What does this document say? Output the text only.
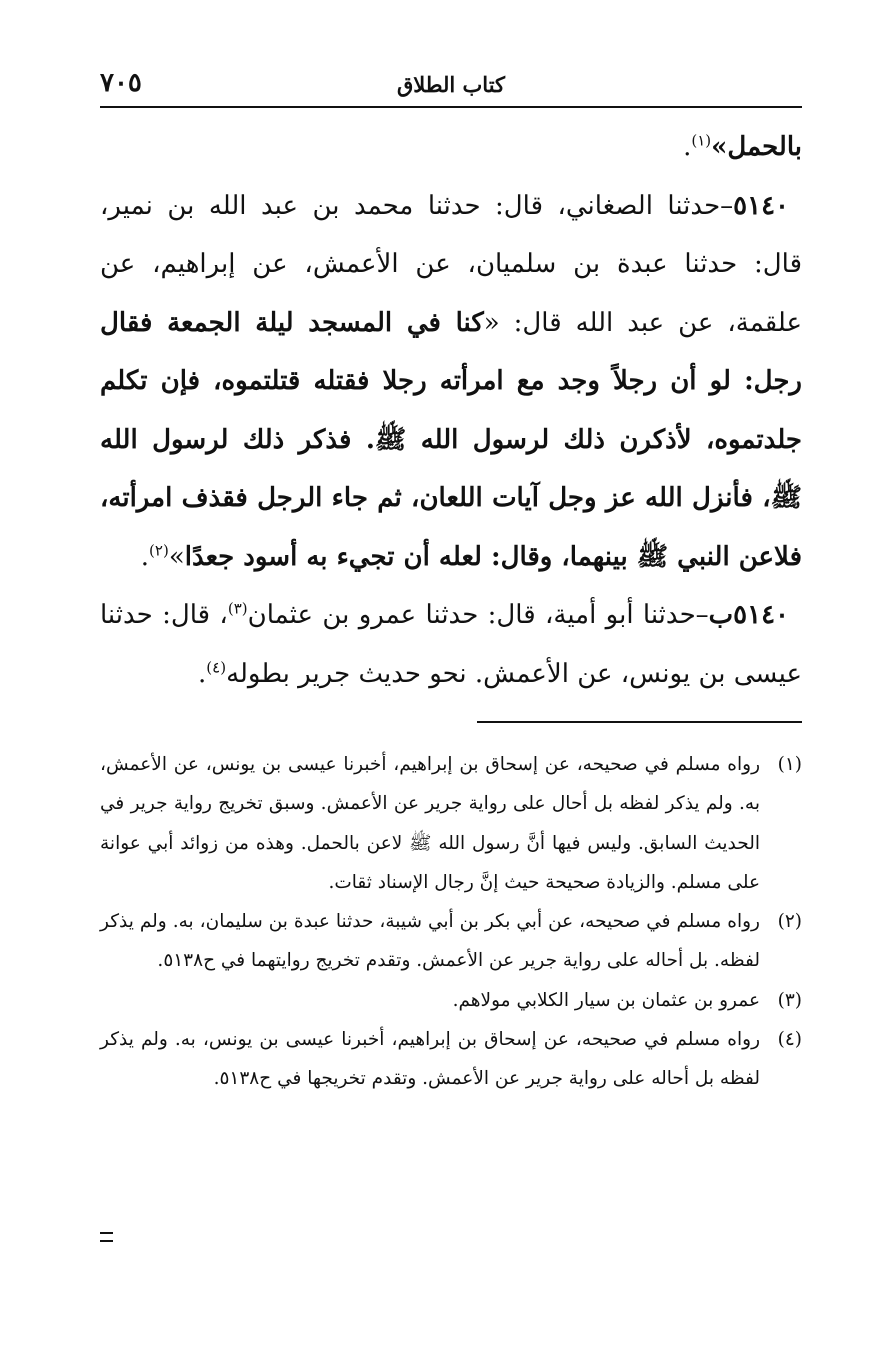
كتاب الطلاق
٧٠٥

بالحمل»$^{(١)}$.

 ٥١٤٠–حدثنا الصغاني، قال: حدثنا محمد بن عبد الله بن نمير، قال: حدثنا عبدة بن سلميان، عن الأعمش، عن إبراهيم، عن علقمة، عن عبد الله قال: «كنا في المسجد ليلة الجمعة فقال رجل: لو أن رجلاً وجد مع امرأته رجلا فقتله قتلتموه، فإن تكلم جلدتموه، لأذكرن ذلك لرسول الله ﷺ. فذكر ذلك لرسول الله ﷺ، فأنزل الله عز وجل آيات اللعان، ثم جاء الرجل فقذف امرأته، فلاعن النبي ﷺ بينهما، وقال: لعله أن تجيء به أسود جعدًا»$^{(٢)}$.

 ٥١٤٠ب–حدثنا أبو أمية، قال: حدثنا عمرو بن عثمان$^{(٣)}$، قال: حدثنا عيسى بن يونس، عن الأعمش. نحو حديث جرير بطوله$^{(٤)}$.

(١)
رواه مسلم في صحيحه، عن إسحاق بن إبراهيم، أخبرنا عيسى بن يونس، عن الأعمش، به. ولم يذكر لفظه بل أحال على رواية جرير عن الأعمش. وسبق تخريج رواية جرير في الحديث السابق. وليس فيها أنَّ رسول الله ﷺ لاعن بالحمل. وهذه من زوائد أبي عوانة على مسلم. والزيادة صحيحة حيث إنَّ رجال الإسناد ثقات.
(٢)
رواه مسلم في صحيحه، عن أبي بكر بن أبي شيبة، حدثنا عبدة بن سليمان، به. ولم يذكر لفظه. بل أحاله على رواية جرير عن الأعمش. وتقدم تخريج روايتهما في ح٥١٣٨.
(٣)
عمرو بن عثمان بن سيار الكلابي مولاهم.
(٤)
رواه مسلم في صحيحه، عن إسحاق بن إبراهيم، أخبرنا عيسى بن يونس، به. ولم يذكر لفظه بل أحاله على رواية جرير عن الأعمش. وتقدم تخريجها في ح٥١٣٨.
